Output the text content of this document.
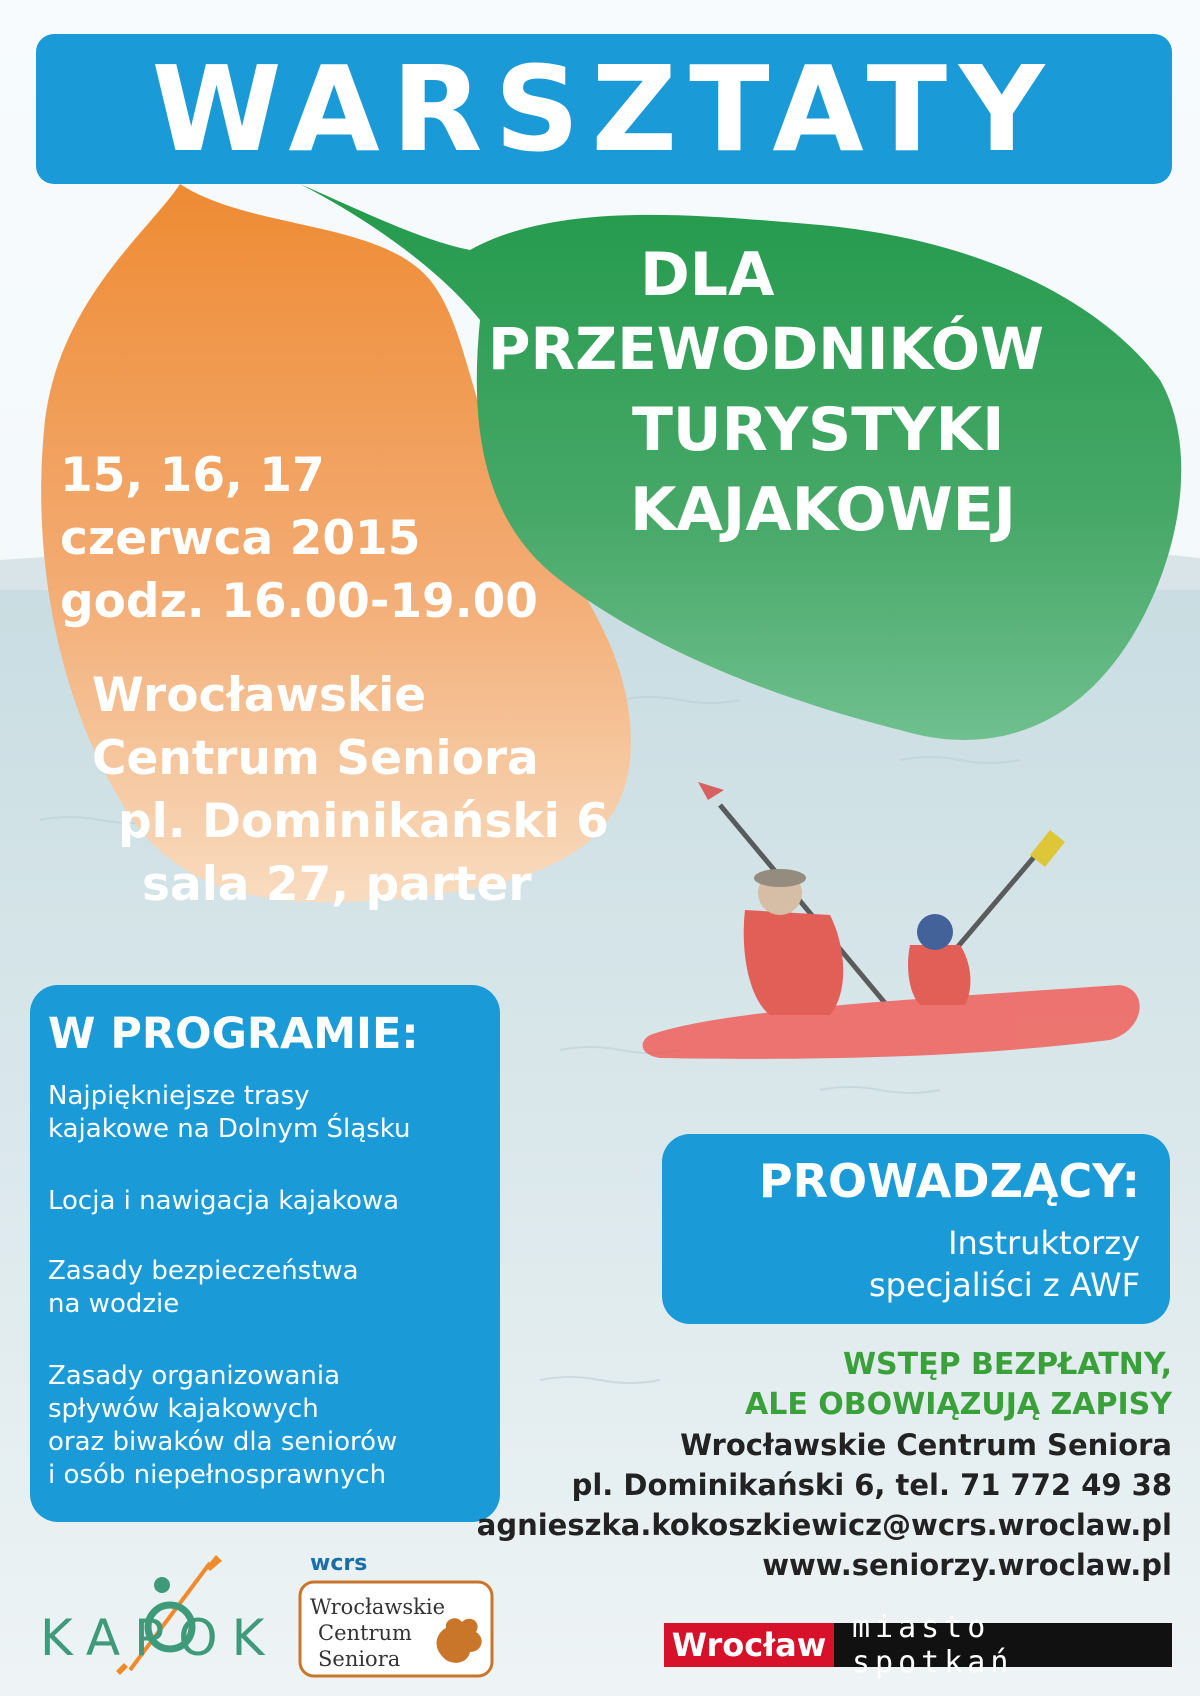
WARSZTATY
DLA
PRZEWODNIKÓW
TURYSTYKI
KAJAKOWEJ
15, 16, 17
czerwca 2015
godz. 16.00-19.00
Wrocławskie
Centrum Seniora
pl. Dominikański 6
sala 27, parter
W PROGRAMIE:
Najpiękniejsze trasy
kajakowe na Dolnym Śląsku
Locja i nawigacja kajakowa
Zasady bezpieczeństwa
na wodzie
Zasady organizowania
spływów kajakowych
oraz biwaków dla seniorów
i osób niepełnosprawnych
PROWADZĄCY:
Instruktorzy
specjaliści z AWF
WSTĘP BEZPŁATNY,
ALE OBOWIĄZUJĄ ZAPISY
Wrocławskie Centrum Seniora
pl. Dominikański 6, tel. 71 772 49 38
agnieszka.kokoszkiewicz@wcrs.wroclaw.pl
www.seniorzy.wroclaw.pl
KAPOK
wcrs
Wrocławskie
Centrum
Seniora	Wrocław miasto spotkań
